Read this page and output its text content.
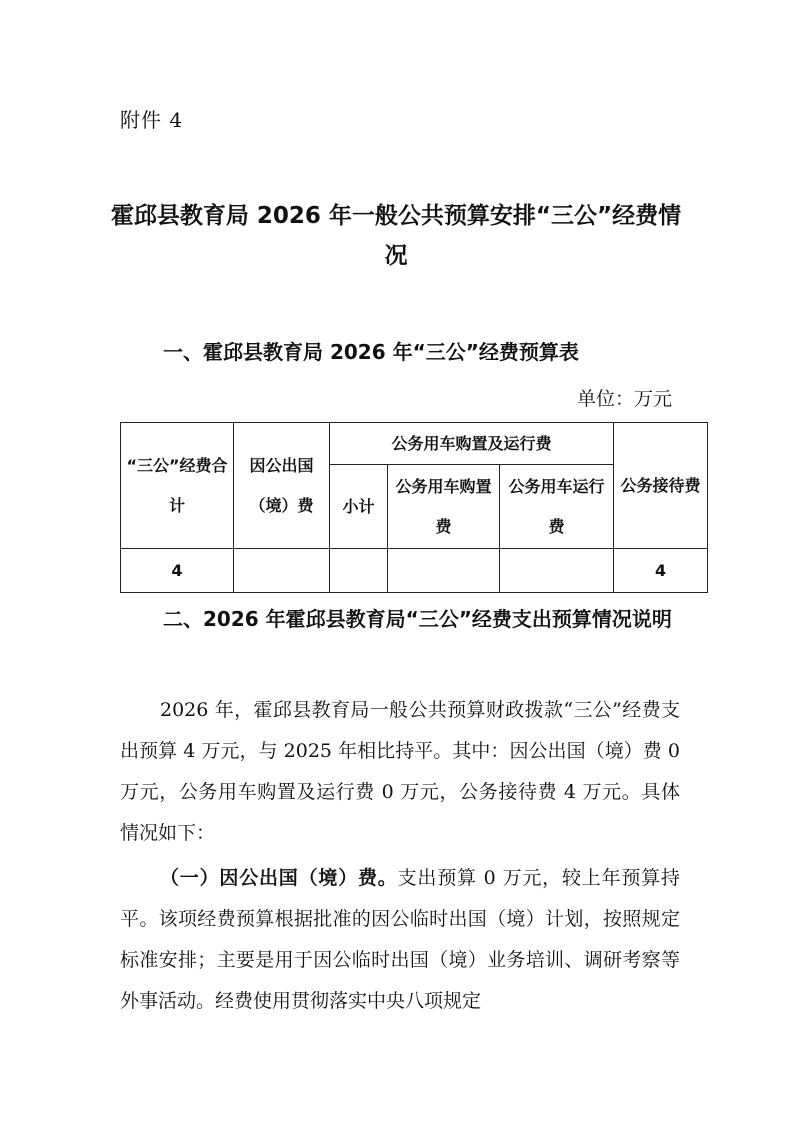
附件 4
霍邱县教育局 2026 年一般公共预算安排“三公”经费情况
一、霍邱县教育局 2026 年“三公”经费预算表
单位：万元
“三公”经费合计	因公出国（境）费	公务用车购置及运行费			公务接待费
		小计	公务用车购置费	公务用车运行费	
4					4
二、2026 年霍邱县教育局“三公”经费支出预算情况说明

2026 年，霍邱县教育局一般公共预算财政拨款“三公”经费支出预算 4 万元，与 2025 年相比持平。其中：因公出国（境）费 0 万元，公务用车购置及运行费 0 万元，公务接待费 4 万元。具体情况如下：

（一）因公出国（境）费。支出预算 0 万元，较上年预算持平。该项经费预算根据批准的因公临时出国（境）计划，按照规定标准安排；主要是用于因公临时出国（境）业务培训、调研考察等外事活动。经费使用贯彻落实中央八项规定
